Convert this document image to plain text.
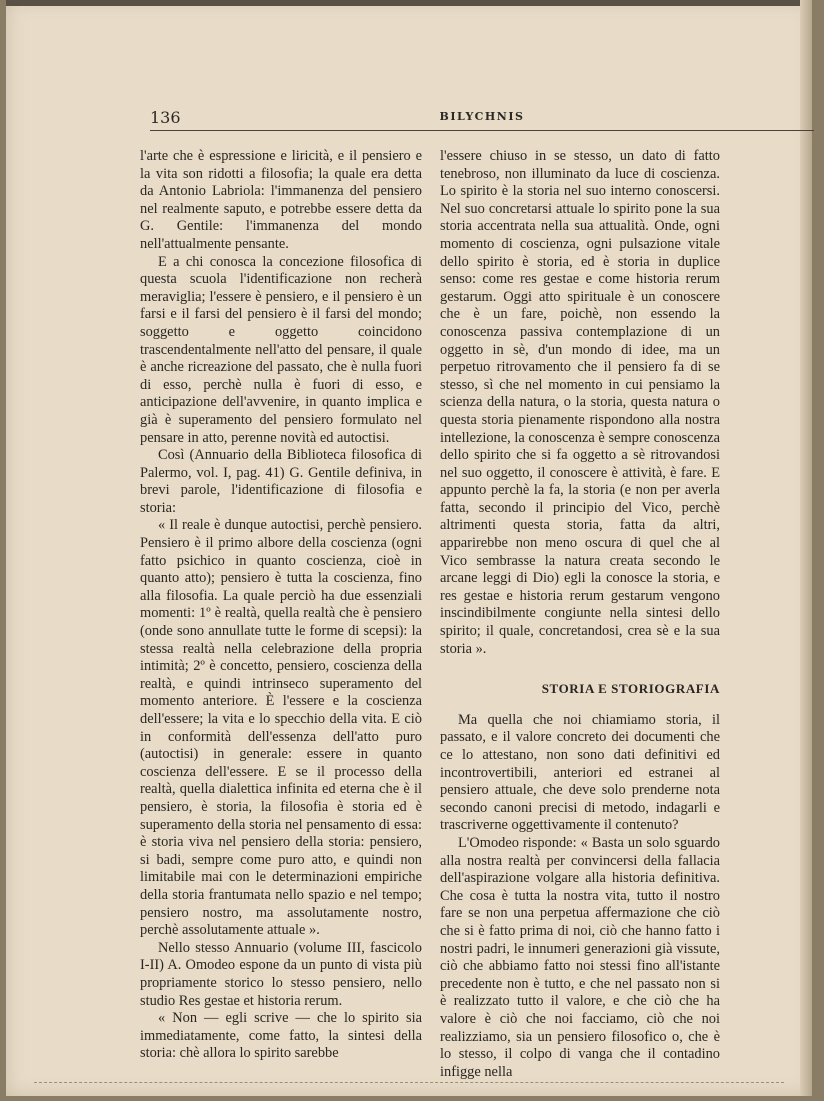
136	BILYCHNIS

l'arte che è espressione e liricità, e il pensiero e la vita son ridotti a filosofia; la quale era detta da Antonio Labriola: l'immanenza del pensiero nel realmente saputo, e potrebbe essere detta da G. Gentile: l'immanenza del mondo nell'attualmente pensante.

E a chi conosca la concezione filosofica di questa scuola l'identificazione non recherà meraviglia; l'essere è pensiero, e il pensiero è un farsi e il farsi del pensiero è il farsi del mondo; soggetto e oggetto coincidono trascendentalmente nell'atto del pensare, il quale è anche ricreazione del passato, che è nulla fuori di esso, perchè nulla è fuori di esso, e anticipazione dell'avvenire, in quanto implica e già è superamento del pensiero formulato nel pensare in atto, perenne novità ed autoctisi.

Così (Annuario della Biblioteca filosofica di Palermo, vol. I, pag. 41) G. Gentile definiva, in brevi parole, l'identificazione di filosofia e storia:

« Il reale è dunque autoctisi, perchè pensiero. Pensiero è il primo albore della coscienza (ogni fatto psichico in quanto coscienza, cioè in quanto atto); pensiero è tutta la coscienza, fino alla filosofia. La quale perciò ha due essenziali momenti: 1º è realtà, quella realtà che è pensiero (onde sono annullate tutte le forme di scepsi): la stessa realtà nella celebrazione della propria intimità; 2º è concetto, pensiero, coscienza della realtà, e quindi intrinseco superamento del momento anteriore. È l'essere e la coscienza dell'essere; la vita e lo specchio della vita. E ciò in conformità dell'essenza dell'atto puro (autoctisi) in generale: essere in quanto coscienza dell'essere. E se il processo della realtà, quella dialettica infinita ed eterna che è il pensiero, è storia, la filosofia è storia ed è superamento della storia nel pensamento di essa: è storia viva nel pensiero della storia: pensiero, si badi, sempre come puro atto, e quindi non limitabile mai con le determinazioni empiriche della storia frantumata nello spazio e nel tempo; pensiero nostro, ma assolutamente nostro, perchè assolutamente attuale ».

Nello stesso Annuario (volume III, fascicolo I-II) A. Omodeo espone da un punto di vista più propriamente storico lo stesso pensiero, nello studio Res gestae et historia rerum.

« Non — egli scrive — che lo spirito sia immediatamente, come fatto, la sintesi della storia: chè allora lo spirito sarebbe

l'essere chiuso in se stesso, un dato di fatto tenebroso, non illuminato da luce di coscienza. Lo spirito è la storia nel suo interno conoscersi. Nel suo concretarsi attuale lo spirito pone la sua storia accentrata nella sua attualità. Onde, ogni momento di coscienza, ogni pulsazione vitale dello spirito è storia, ed è storia in duplice senso: come res gestae e come historia rerum gestarum. Oggi atto spirituale è un conoscere che è un fare, poichè, non essendo la conoscenza passiva contemplazione di un oggetto in sè, d'un mondo di idee, ma un perpetuo ritrovamento che il pensiero fa di se stesso, sì che nel momento in cui pensiamo la scienza della natura, o la storia, questa natura o questa storia pienamente rispondono alla nostra intellezione, la conoscenza è sempre conoscenza dello spirito che si fa oggetto a sè ritrovandosi nel suo oggetto, il conoscere è attività, è fare. E appunto perchè la fa, la storia (e non per averla fatta, secondo il principio del Vico, perchè altrimenti questa storia, fatta da altri, apparirebbe non meno oscura di quel che al Vico sembrasse la natura creata secondo le arcane leggi di Dio) egli la conosce la storia, e res gestae e historia rerum gestarum vengono inscindibilmente congiunte nella sintesi dello spirito; il quale, concretandosi, crea sè e la sua storia ».

STORIA E STORIOGRAFIA

Ma quella che noi chiamiamo storia, il passato, e il valore concreto dei documenti che ce lo attestano, non sono dati definitivi ed incontrovertibili, anteriori ed estranei al pensiero attuale, che deve solo prenderne nota secondo canoni precisi di metodo, indagarli e trascriverne oggettivamente il contenuto?

L'Omodeo risponde: « Basta un solo sguardo alla nostra realtà per convincersi della fallacia dell'aspirazione volgare alla historia definitiva. Che cosa è tutta la nostra vita, tutto il nostro fare se non una perpetua affermazione che ciò che si è fatto prima di noi, ciò che hanno fatto i nostri padri, le innumeri generazioni già vissute, ciò che abbiamo fatto noi stessi fino all'istante precedente non è tutto, e che nel passato non si è realizzato tutto il valore, e che ciò che ha valore è ciò che noi facciamo, ciò che noi realizziamo, sia un pensiero filosofico o, che è lo stesso, il colpo di vanga che il contadino infigge nella
